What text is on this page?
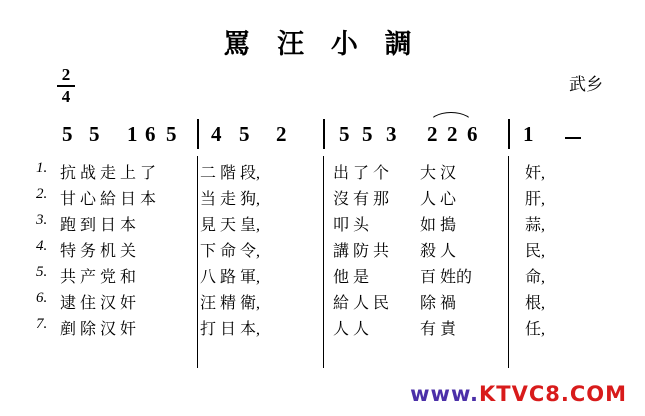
罵 汪 小 調
武乡
2
4
5 5 1 6 5 4 5 2	5 5 3 2 2 6 1
1. 抗 战 走 上 了	二 階 段,	出 了 个	大 汉	奸,
2. 甘 心 給 日 本	当 走 狗,	沒 有 那	人 心	肝,
3. 跑 到 日 本	見 天 皇,	叩 头	如 搗	蒜,
4. 特 务 机 关	下 命 令,	講 防 共	殺 人	民,
5. 共 产 党 和	八 路 軍,	他 是	百 姓的	命,
6. 逮 住 汉 奸	汪 精 衛,	給 人 民	除 禍	根,
7. 剷 除 汉 奸	打 日 本,	人 人	有 責	任,
www.KTVC8.COM
